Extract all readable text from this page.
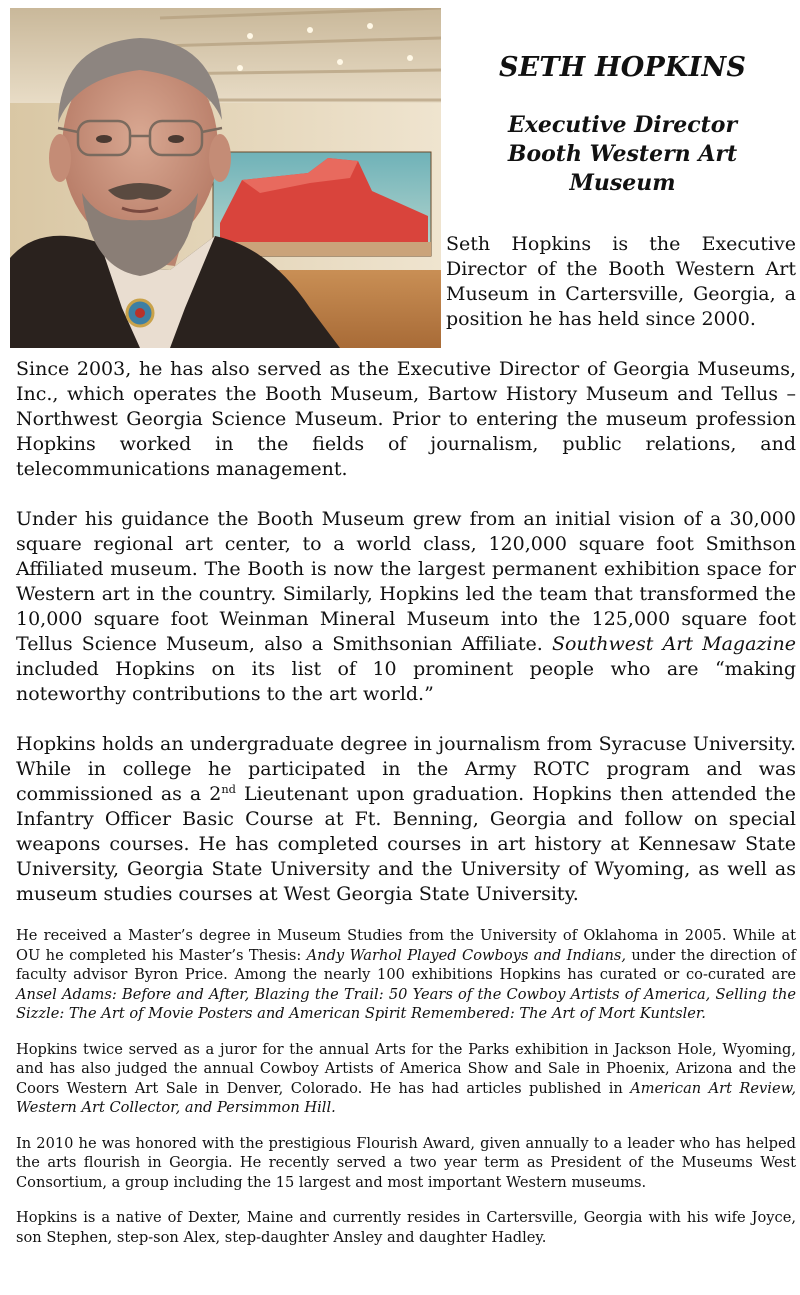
SETH HOPKINS
Executive Director
Booth Western Art
Museum
Seth Hopkins is the Executive Director of the Booth Western Art Museum in Cartersville, Georgia, a position he has held since 2000.

Since 2003, he has also served as the Executive Director of Georgia Museums, Inc., which operates the Booth Museum, Bartow History Museum and Tellus – Northwest Georgia Science Museum. Prior to entering the museum profession Hopkins worked in the fields of journalism, public relations, and telecommunications management.

Under his guidance the Booth Museum grew from an initial vision of a 30,000 square regional art center, to a world class, 120,000 square foot Smithson Affiliated museum. The Booth is now the largest permanent exhibition space for Western art in the country. Similarly, Hopkins led the team that transformed the 10,000 square foot Weinman Mineral Museum into the 125,000 square foot Tellus Science Museum, also a Smithsonian Affiliate. Southwest Art Magazine included Hopkins on its list of 10 prominent people who are “making noteworthy contributions to the art world.”

Hopkins holds an undergraduate degree in journalism from Syracuse University. While in college he participated in the Army ROTC program and was commissioned as a 2nd Lieutenant upon graduation. Hopkins then attended the Infantry Officer Basic Course at Ft. Benning, Georgia and follow on special weapons courses. He has completed courses in art history at Kennesaw State University, Georgia State University and the University of Wyoming, as well as museum studies courses at West Georgia State University.

He received a Master’s degree in Museum Studies from the University of Oklahoma in 2005. While at OU he completed his Master’s Thesis: Andy Warhol Played Cowboys and Indians, under the direction of faculty advisor Byron Price. Among the nearly 100 exhibitions Hopkins has curated or co-curated are Ansel Adams: Before and After, Blazing the Trail: 50 Years of the Cowboy Artists of America, Selling the Sizzle: The Art of Movie Posters and American Spirit Remembered: The Art of Mort Kuntsler.

Hopkins twice served as a juror for the annual Arts for the Parks exhibition in Jackson Hole, Wyoming, and has also judged the annual Cowboy Artists of America Show and Sale in Phoenix, Arizona and the Coors Western Art Sale in Denver, Colorado. He has had articles published in American Art Review, Western Art Collector, and Persimmon Hill.

In 2010 he was honored with the prestigious Flourish Award, given annually to a leader who has helped the arts flourish in Georgia. He recently served a two year term as President of the Museums West Consortium, a group including the 15 largest and most important Western museums.

Hopkins is a native of Dexter, Maine and currently resides in Cartersville, Georgia with his wife Joyce, son Stephen, step-son Alex, step-daughter Ansley and daughter Hadley.
